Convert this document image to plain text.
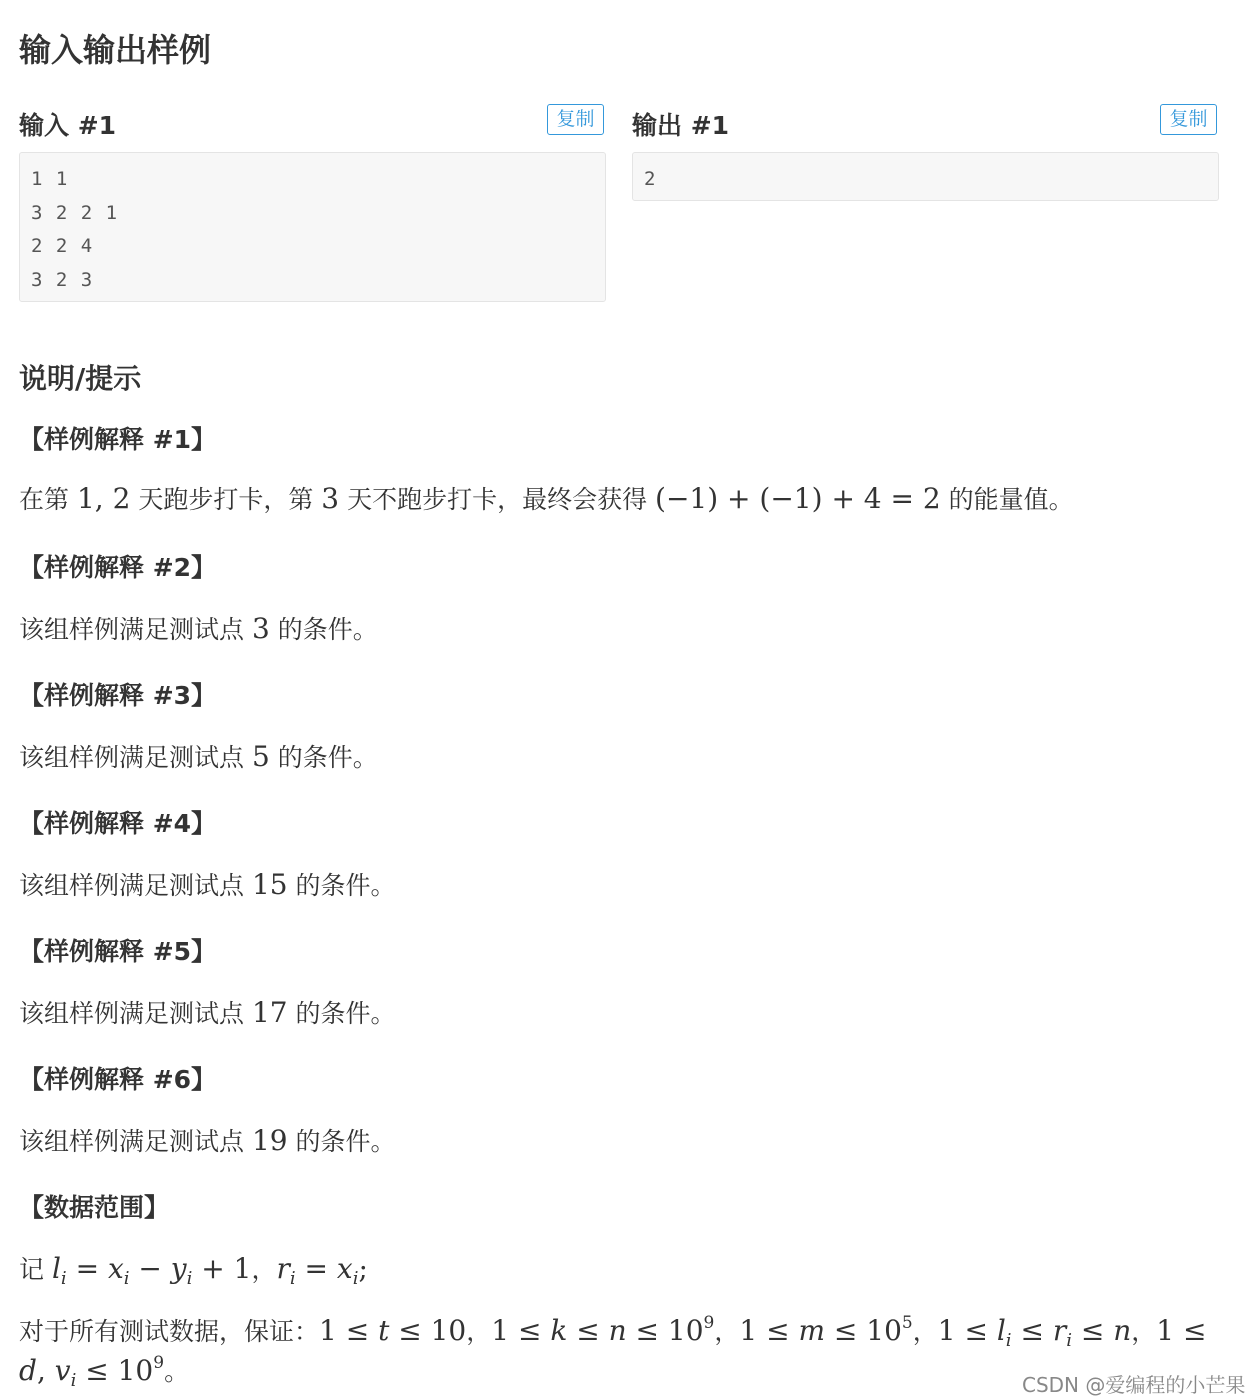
输入输出样例
输入 #1	复制
1 1
3 2 2 1
2 2 4
3 2 3
输出 #1	复制
2
说明/提示
【样例解释 #1】
在第 1, 2 天跑步打卡，第 3 天不跑步打卡，最终会获得 (−1) + (−1) + 4 = 2 的能量值。
【样例解释 #2】
该组样例满足测试点 3 的条件。
【样例解释 #3】
该组样例满足测试点 5 的条件。
【样例解释 #4】
该组样例满足测试点 15 的条件。
【样例解释 #5】
该组样例满足测试点 17 的条件。
【样例解释 #6】
该组样例满足测试点 19 的条件。
【数据范围】
记 $l_i = x_i - y_i + 1$，$r_i = x_i$;
对于所有测试数据，保证：1 ≤ t ≤ 10，$1 \le k \le n \le 10^9$，$1 \le m \le 10^5$，$1 \le l_i \le r_i \le n$，1 ≤
d, $v_i \le 10^9$。	CSDN @爱编程的小芒果
